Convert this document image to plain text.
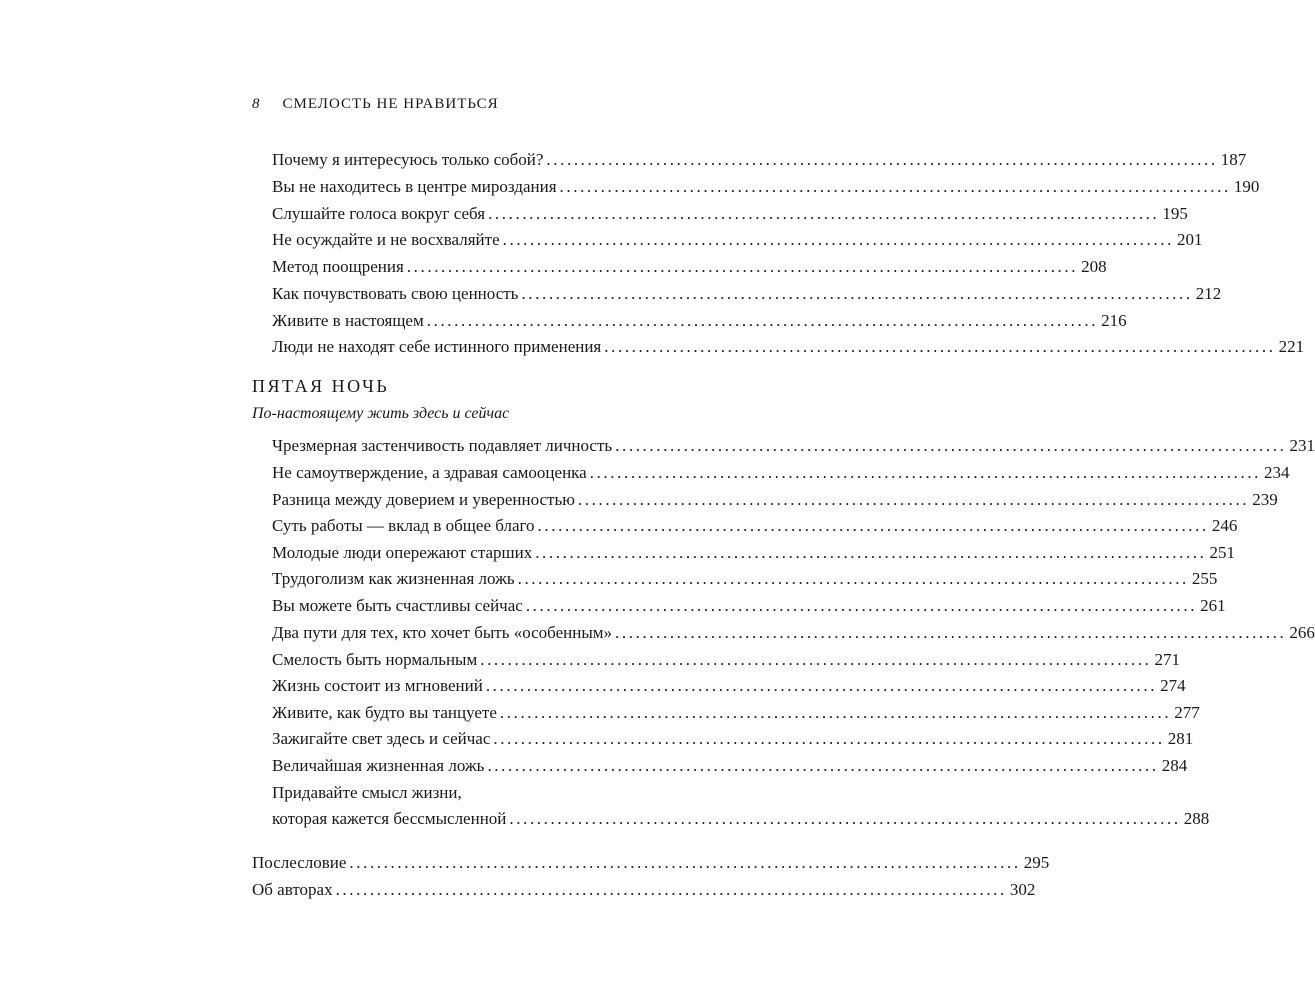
8 СМЕЛОСТЬ НЕ НРАВИТЬСЯ
Почему я интересуюсь только собой? .................................................................................................. 187
Вы не находитесь в центре мироздания .................................................................................................. 190
Слушайте голоса вокруг себя .................................................................................................. 195
Не осуждайте и не восхваляйте .................................................................................................. 201
Метод поощрения .................................................................................................. 208
Как почувствовать свою ценность .................................................................................................. 212
Живите в настоящем .................................................................................................. 216
Люди не находят себе истинного применения .................................................................................................. 221
ПЯТАЯ НОЧЬ
По-настоящему жить здесь и сейчас
Чрезмерная застенчивость подавляет личность .................................................................................................. 231
Не самоутверждение, а здравая самооценка .................................................................................................. 234
Разница между доверием и уверенностью .................................................................................................. 239
Суть работы — вклад в общее благо .................................................................................................. 246
Молодые люди опережают старших .................................................................................................. 251
Трудоголизм как жизненная ложь .................................................................................................. 255
Вы можете быть счастливы сейчас .................................................................................................. 261
Два пути для тех, кто хочет быть «особенным» .................................................................................................. 266
Смелость быть нормальным .................................................................................................. 271
Жизнь состоит из мгновений .................................................................................................. 274
Живите, как будто вы танцуете .................................................................................................. 277
Зажигайте свет здесь и сейчас .................................................................................................. 281
Величайшая жизненная ложь .................................................................................................. 284
Придавайте смысл жизни,
которая кажется бессмысленной .................................................................................................. 288
Послесловие .................................................................................................. 295
Об авторах .................................................................................................. 302
